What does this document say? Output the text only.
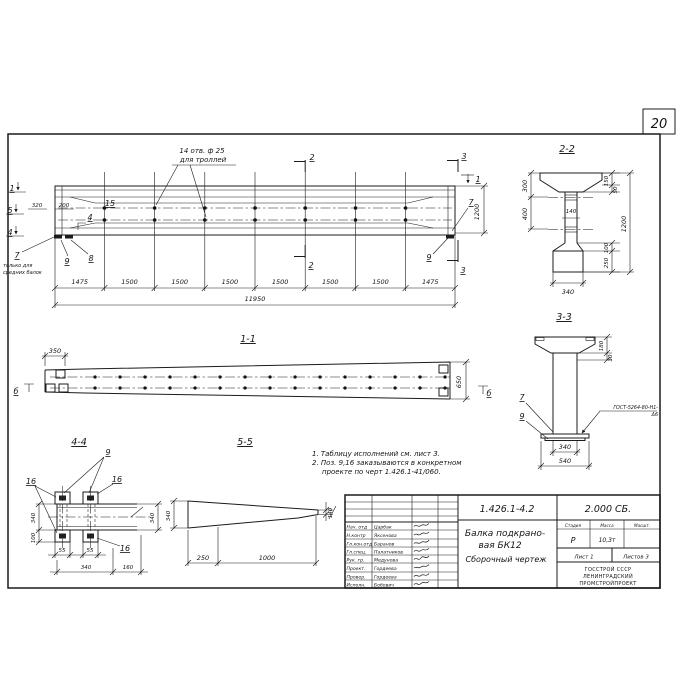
20
14 отв. ф 25
для троллей
1
5
4
1
2
2
3
3
320	200	15
4
7
только для
средних балок
9 8
7
9
1200
1475	1500	1500	1500	1500	1500	1500	1475
11950
2-2
300
400	140
150
50
1200
100
250
340
3-3
180
30
340
540
7
9
ГОСТ-5264-80-Н1-
Δ6
1-1
350
650
б	б
4-4
9
16	16
16
340
100
340
55	55
340	160
5-5
340	140
250	1000
1. Таблицу исполнений см. лист 3.
2. Поз. 9,16 заказываются в конкретном
проекте по черт 1.426.1-41/060.
Нач. отд Царбак
Н.контр Яксенова
Гл.кон.отд Баранов
Гл.спец. Палатников
Рук. гр. Медунова
Проект. Гордеева
Провер. Гордеева
Исполн. Бобович
1.426.1-4.2	2.000 СБ.
Балка подкрано-
вая БК12
Сборочный чертеж
Стадия	Масса	Масшт.
Р	10,3т
Лист 1	Листов 3
ГОССТРОЙ СССР
ЛЕНИНГРАДСКИЙ
ПРОМСТРОЙПРОЕКТ
